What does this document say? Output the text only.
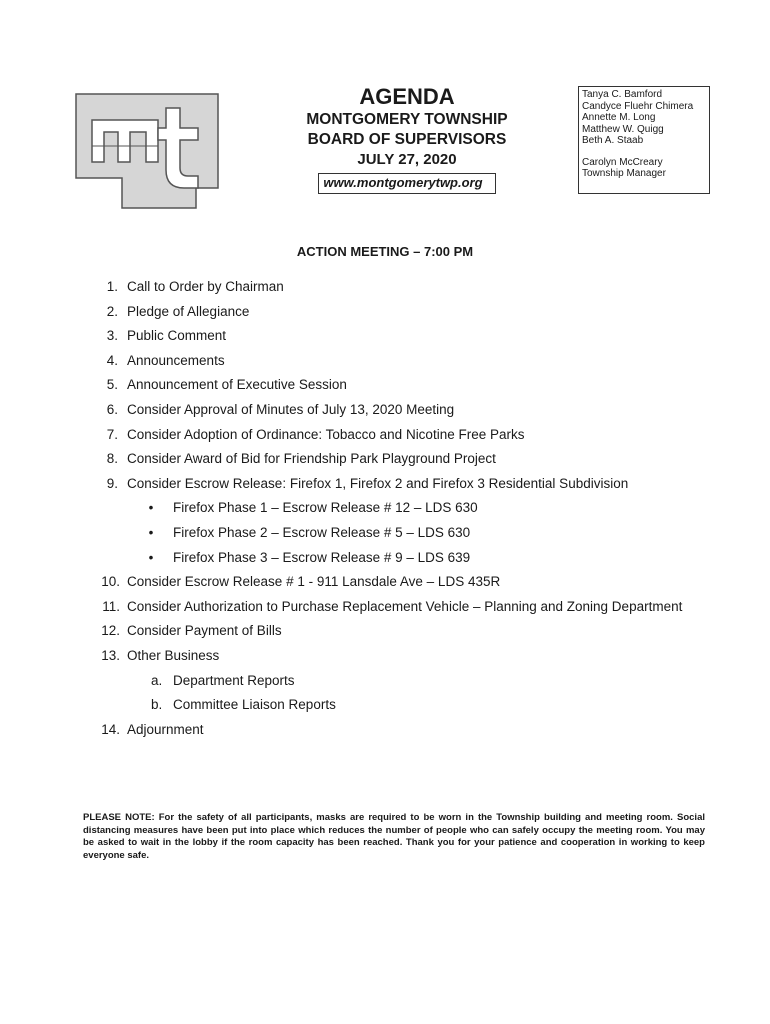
AGENDA
MONTGOMERY TOWNSHIP
BOARD OF SUPERVISORS
JULY 27, 2020
www.montgomerytwp.org
Tanya C. Bamford
Candyce Fluehr Chimera
Annette M. Long
Matthew W. Quigg
Beth A. Staab
Carolyn McCreary
Township Manager
ACTION MEETING – 7:00 PM
1. Call to Order by Chairman
2. Pledge of Allegiance
3. Public Comment
4. Announcements
5. Announcement of Executive Session
6. Consider Approval of Minutes of July 13, 2020 Meeting
7. Consider Adoption of Ordinance: Tobacco and Nicotine Free Parks
8. Consider Award of Bid for Friendship Park Playground Project
9. Consider Escrow Release: Firefox 1, Firefox 2 and Firefox 3 Residential Subdivision
• Firefox Phase 1 – Escrow Release # 12 – LDS 630
• Firefox Phase 2 – Escrow Release # 5 – LDS 630
• Firefox Phase 3 – Escrow Release # 9 – LDS 639
10. Consider Escrow Release # 1 - 911 Lansdale Ave – LDS 435R
11. Consider Authorization to Purchase Replacement Vehicle – Planning and Zoning Department
12. Consider Payment of Bills
13. Other Business
a. Department Reports
b. Committee Liaison Reports
14. Adjournment
PLEASE NOTE: For the safety of all participants, masks are required to be worn in the Township building and meeting room. Social distancing measures have been put into place which reduces the number of people who can safely occupy the meeting room. You may be asked to wait in the lobby if the room capacity has been reached. Thank you for your patience and cooperation in working to keep everyone safe.
